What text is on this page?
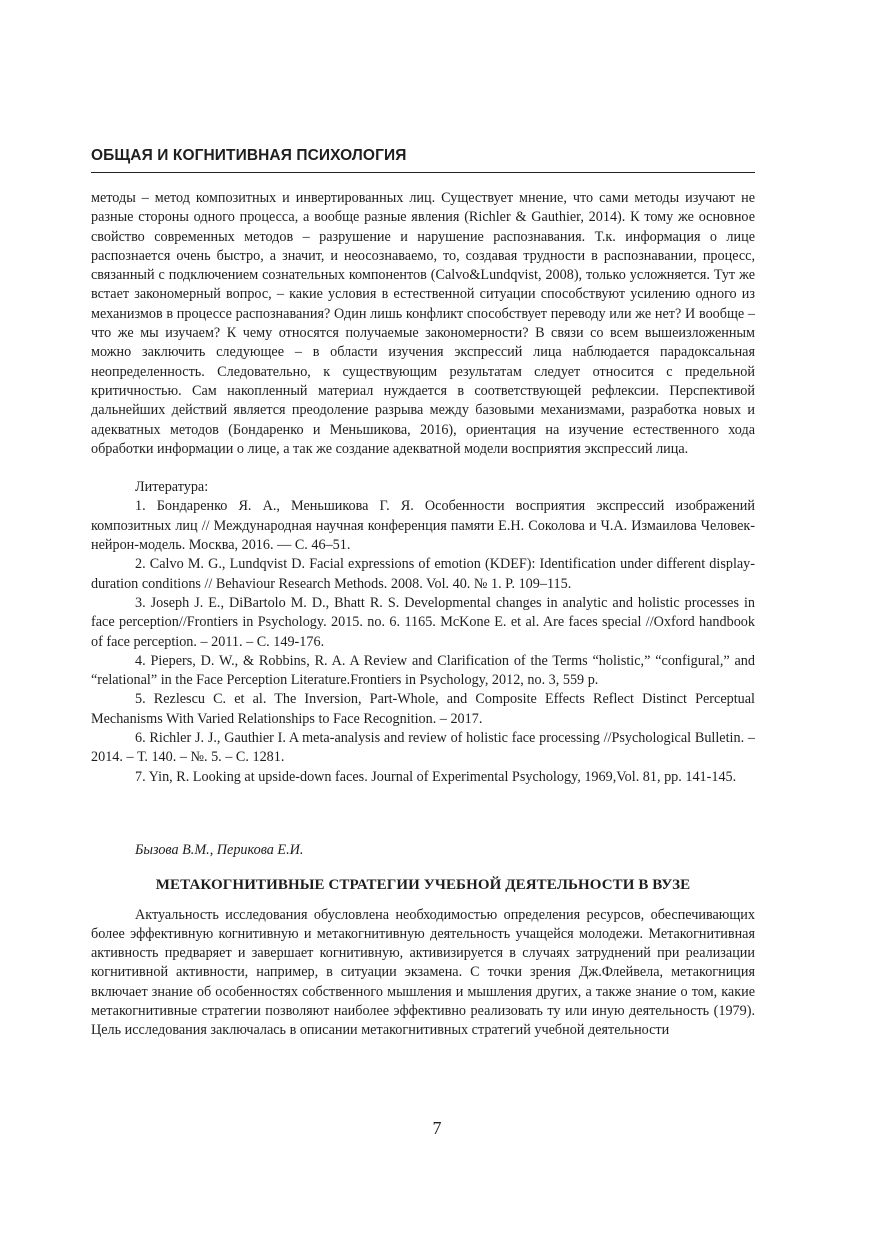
ОБЩАЯ И КОГНИТИВНАЯ ПСИХОЛОГИЯ

методы – метод композитных и инвертированных лиц. Существует мнение, что сами методы изучают не разные стороны одного процесса, а вообще разные явления (Richler & Gauthier, 2014). К тому же основное свойство современных методов – разрушение и нарушение распознавания. Т.к. информация о лице распознается очень быстро, а значит, и неосознаваемо, то, создавая трудности в распознавании, процесс, связанный с подключением сознательных компонентов (Calvo&Lundqvist, 2008), только усложняется. Тут же встает закономерный вопрос, – какие условия в естественной ситуации способствуют усилению одного из механизмов в процессе распознавания? Один лишь конфликт способствует переводу или же нет? И вообще – что же мы изучаем? К чему относятся получаемые закономерности? В связи со всем вышеизложенным можно заключить следующее – в области изучения экспрессий лица наблюдается парадоксальная неопределенность. Следовательно, к существующим результатам следует относится с предельной критичностью. Сам накопленный материал нуждается в соответствующей рефлексии. Перспективой дальнейших действий является преодоление разрыва между базовыми механизмами, разработка новых и адекватных методов (Бондаренко и Меньшикова, 2016), ориентация на изучение естественного хода обработки информации о лице, а так же создание адекватной модели восприятия экспрессий лица.

Литература:

1. Бондаренко Я. А., Меньшикова Г. Я. Особенности восприятия экспрессий изображений композитных лиц // Международная научная конференция памяти Е.Н. Соколова и Ч.А. Измаилова Человек-нейрон-модель. Москва, 2016. — С. 46–51.

2. Calvo M. G., Lundqvist D. Facial expressions of emotion (KDEF): Identification under different display-duration conditions // Behaviour Research Methods. 2008. Vol. 40. № 1. P. 109–115.

3. Joseph J. E., DiBartolo M. D., Bhatt R. S. Developmental changes in analytic and holistic processes in face perception//Frontiers in Psychology. 2015. no. 6. 1165. McKone E. et al. Are faces special //Oxford handbook of face perception. – 2011. – С. 149-176.

4. Piepers, D. W., & Robbins, R. A. A Review and Clarification of the Terms “holistic,” “configural,” and “relational” in the Face Perception Literature.Frontiers in Psychology, 2012, no. 3, 559 p.

5. Rezlescu C. et al. The Inversion, Part-Whole, and Composite Effects Reflect Distinct Perceptual Mechanisms With Varied Relationships to Face Recognition. – 2017.

6. Richler J. J., Gauthier I. A meta-analysis and review of holistic face processing //Psychological Bulletin. – 2014. – Т. 140. – №. 5. – С. 1281.

7. Yin, R. Looking at upside-down faces. Journal of Experimental Psychology, 1969,Vol. 81, pp. 141-145.

Бызова В.М., Перикова Е.И.

МЕТАКОГНИТИВНЫЕ СТРАТЕГИИ УЧЕБНОЙ ДЕЯТЕЛЬНОСТИ В ВУЗЕ

Актуальность исследования обусловлена необходимостью определения ресурсов, обеспечивающих более эффективную когнитивную и метакогнитивную деятельность учащейся молодежи. Метакогнитивная активность предваряет и завершает когнитивную, активизируется в случаях затруднений при реализации когнитивной активности, например, в ситуации экзамена. С точки зрения Дж.Флейвела, метакогниция включает знание об особенностях собственного мышления и мышления других, а также знание о том, какие метакогнитивные стратегии позволяют наиболее эффективно реализовать ту или иную деятельность (1979). Цель исследования заключалась в описании метакогнитивных стратегий учебной деятельности

7
